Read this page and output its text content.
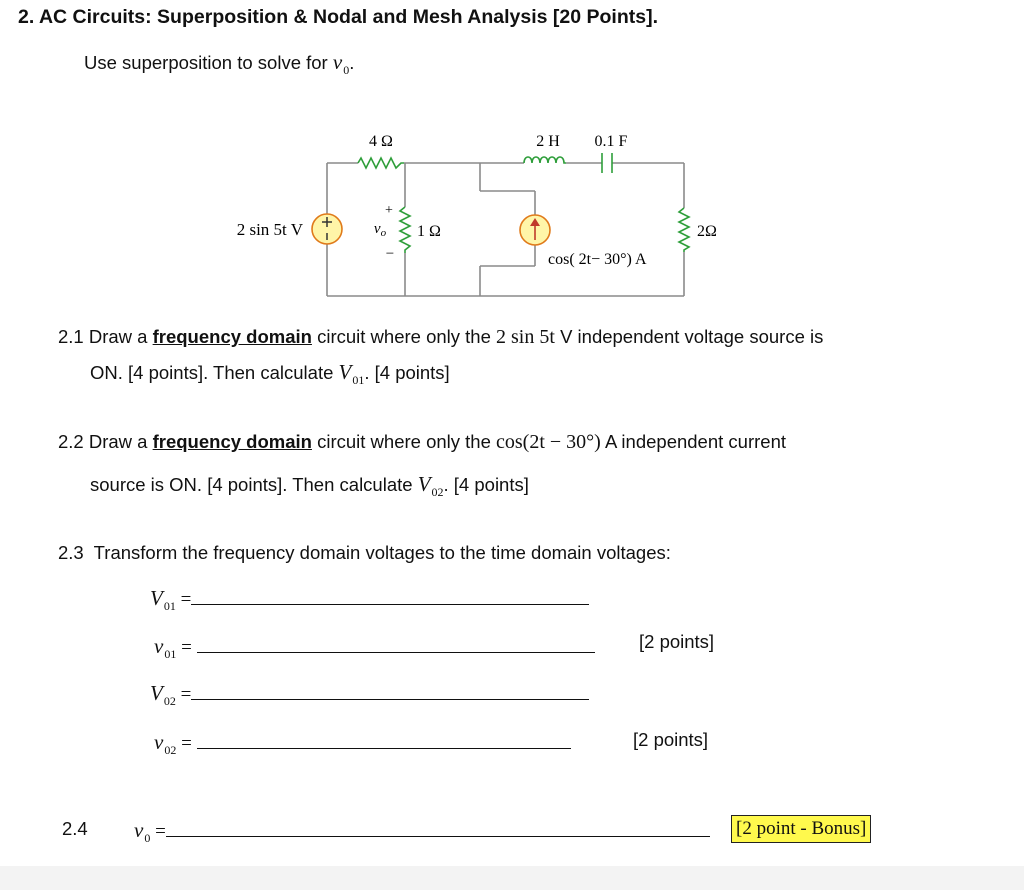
2. AC Circuits: Superposition & Nodal and Mesh Analysis [20 Points].
Use superposition to solve for $v_0$.
4 Ω	2 H 0.1 F
2 sin 5t V
+
$v_o$
−
1 Ω
cos( 2t− 30°) A
2Ω
2.1 Draw a frequency domain circuit where only the 2 sin 5t V independent voltage source is
ON. [4 points]. Then calculate $V_{01}$. [4 points]
2.2 Draw a frequency domain circuit where only the cos(2t − 30°) A independent current
source is ON. [4 points]. Then calculate $V_{02}$. [4 points]
2.3 Transform the frequency domain voltages to the time domain voltages:
$V_{01}$ =
$v_{01}$ =	[2 points]
$V_{02}$ =
$v_{02}$ =	[2 points]
2.4 $v_0$ =	[2 point - Bonus]
